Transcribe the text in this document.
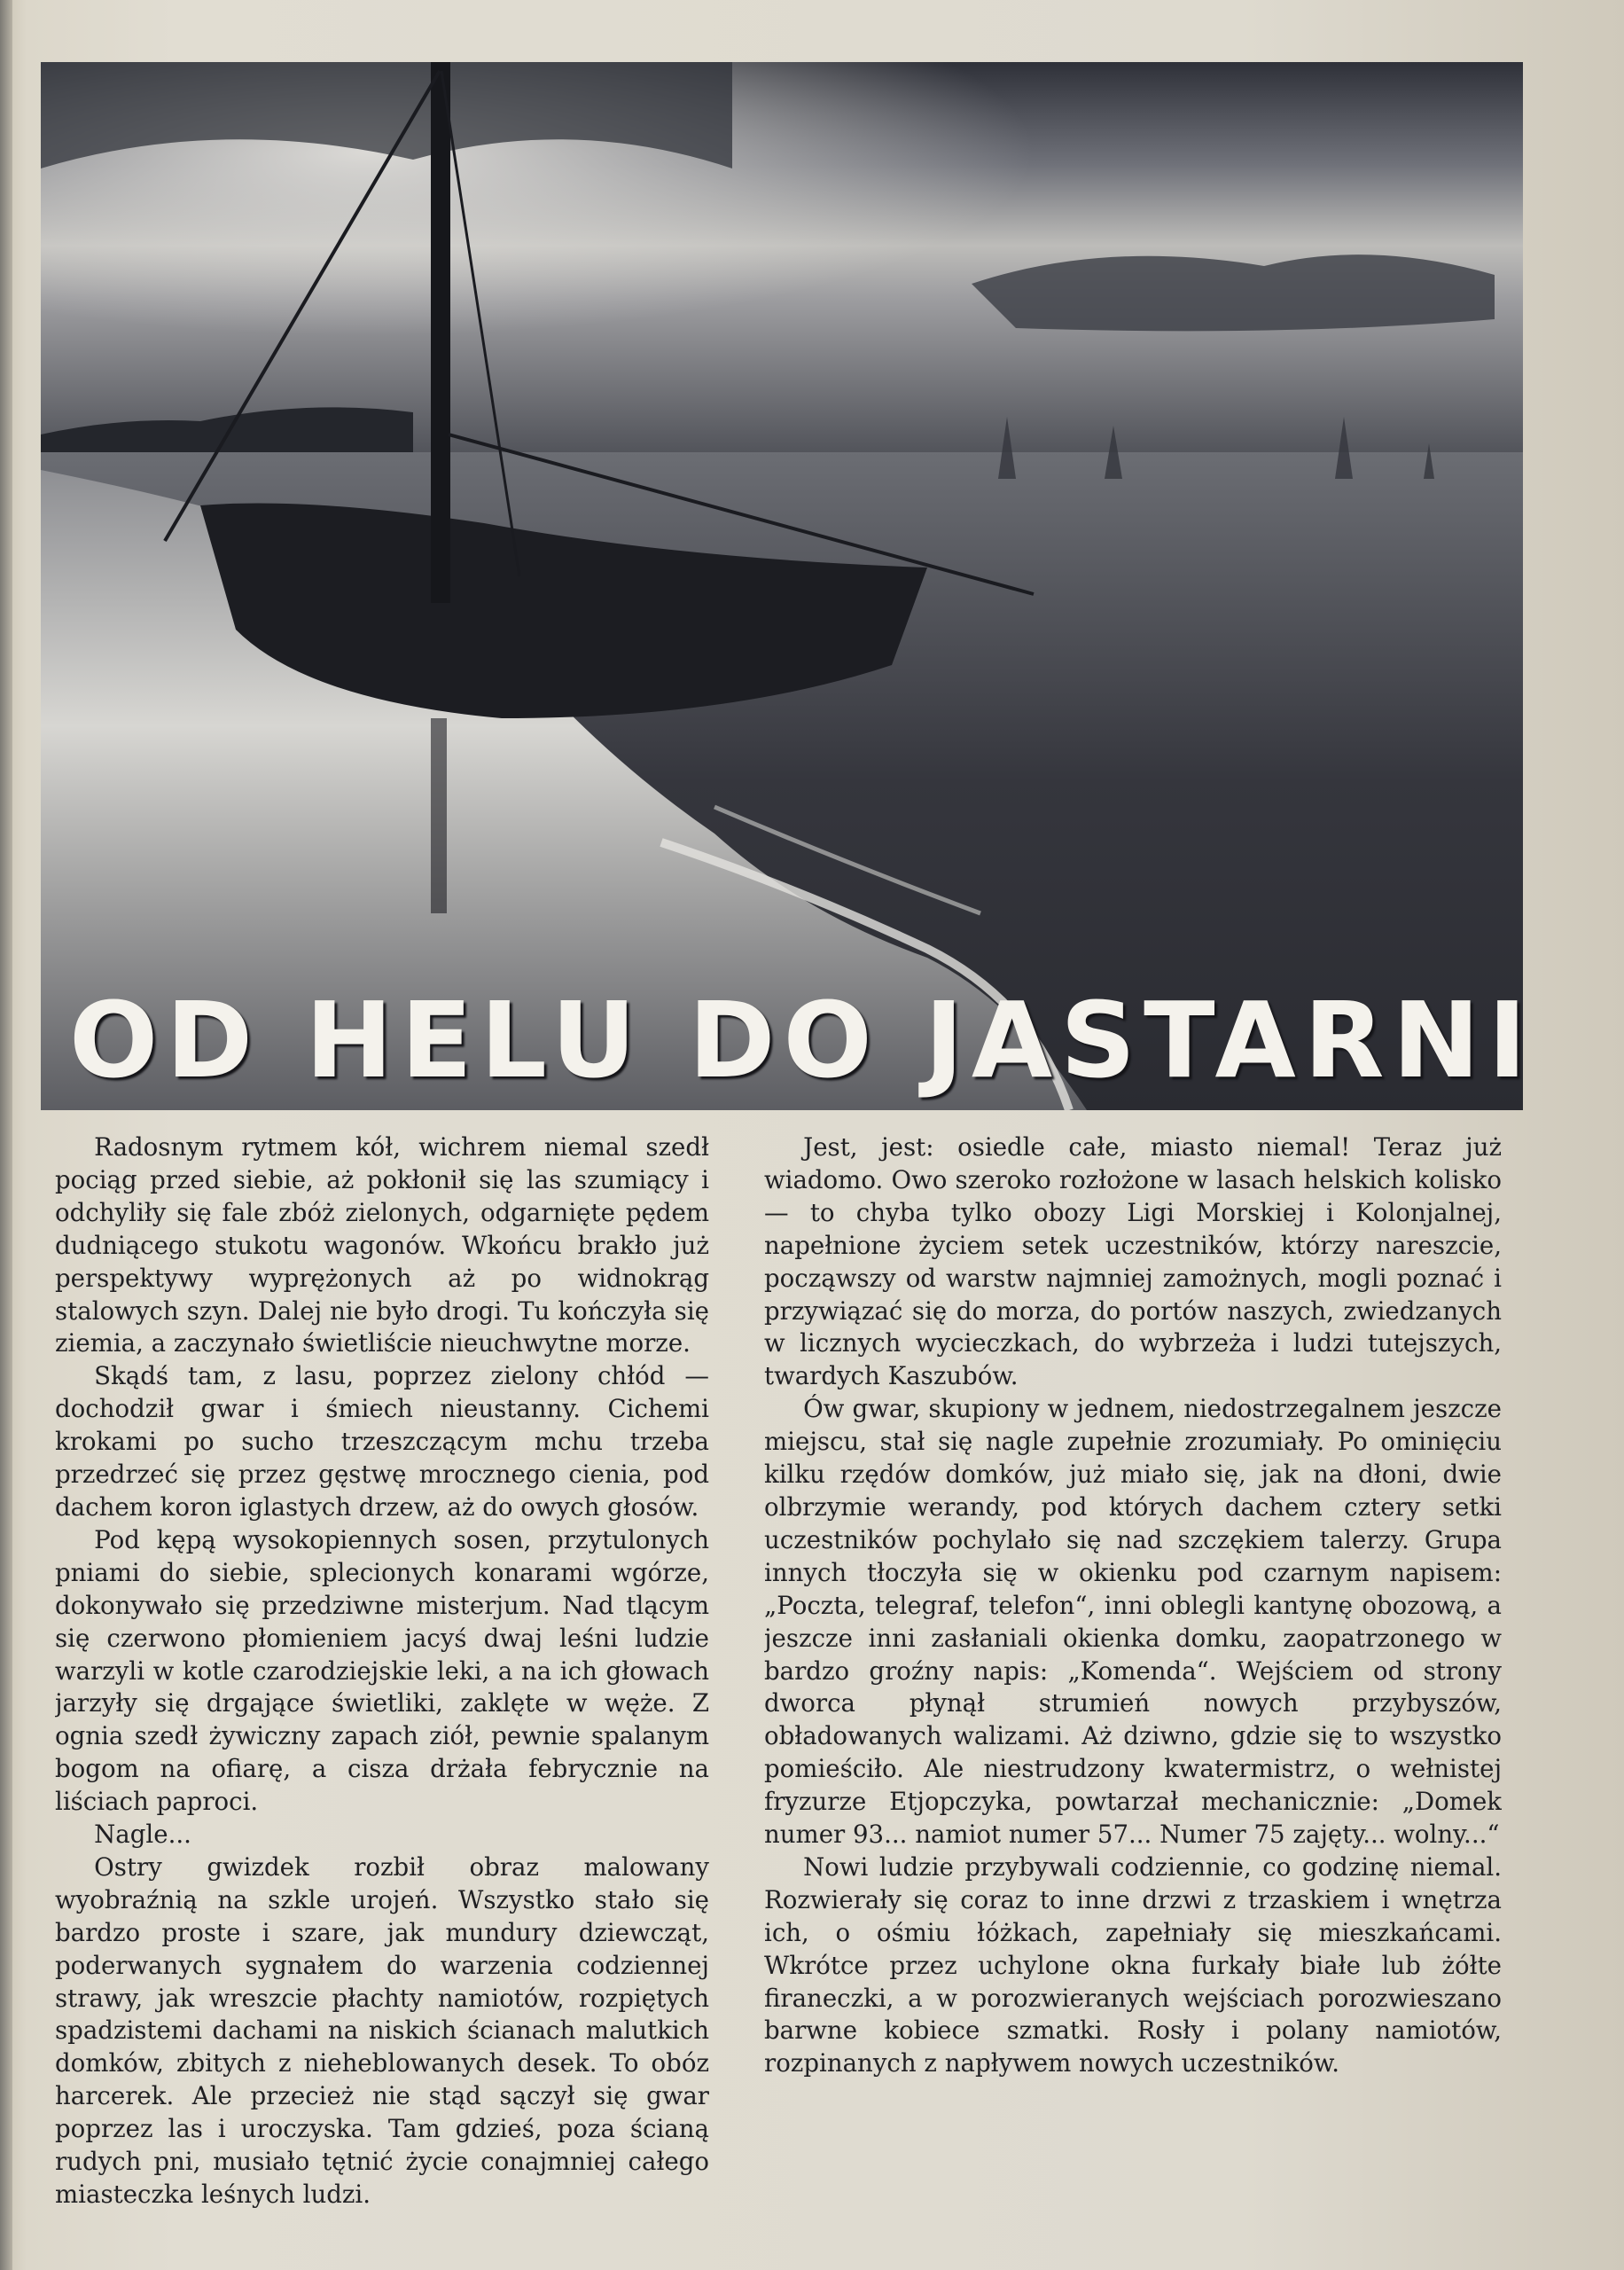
OD HELU DO JASTARNI

Radosnym rytmem kół, wichrem niemal szedł pociąg przed siebie, aż pokłonił się las szumiący i odchyliły się fale zbóż zielonych, odgarnięte pędem dudniącego stukotu wagonów. Wkońcu brakło już perspektywy wyprężonych aż po widnokrąg stalowych szyn. Dalej nie było drogi. Tu kończyła się ziemia, a zaczynało świetliście nieuchwytne morze.

Skądś tam, z lasu, poprzez zielony chłód — dochodził gwar i śmiech nieustanny. Cichemi krokami po sucho trzeszczącym mchu trzeba przedrzeć się przez gęstwę mrocznego cienia, pod dachem koron iglastych drzew, aż do owych głosów.

Pod kępą wysokopiennych sosen, przytulonych pniami do siebie, splecionych konarami wgórze, dokonywało się przedziwne misterjum. Nad tlącym się czerwono płomieniem jacyś dwaj leśni ludzie warzyli w kotle czarodziejskie leki, a na ich głowach jarzyły się drgające świetliki, zaklęte w węże. Z ognia szedł żywiczny zapach ziół, pewnie spalanym bogom na ofiarę, a cisza drżała febrycznie na liściach paproci.

Nagle...

Ostry gwizdek rozbił obraz malowany wyobraźnią na szkle urojeń. Wszystko stało się bardzo proste i szare, jak mundury dziewcząt, poderwanych sygnałem do warzenia codziennej strawy, jak wreszcie płachty namiotów, rozpiętych spadzistemi dachami na niskich ścianach malutkich domków, zbitych z nieheblowanych desek. To obóz harcerek. Ale przecież nie stąd sączył się gwar poprzez las i uroczyska. Tam gdzieś, poza ścianą rudych pni, musiało tętnić życie conajmniej całego miasteczka leśnych ludzi.

Jest, jest: osiedle całe, miasto niemal! Teraz już wiadomo. Owo szeroko rozłożone w lasach helskich kolisko — to chyba tylko obozy Ligi Morskiej i Kolonjalnej, napełnione życiem setek uczestników, którzy nareszcie, począwszy od warstw najmniej zamożnych, mogli poznać i przywiązać się do morza, do portów naszych, zwiedzanych w licznych wycieczkach, do wybrzeża i ludzi tutejszych, twardych Kaszubów.

Ów gwar, skupiony w jednem, niedostrzegalnem jeszcze miejscu, stał się nagle zupełnie zrozumiały. Po ominięciu kilku rzędów domków, już miało się, jak na dłoni, dwie olbrzymie werandy, pod których dachem cztery setki uczestników pochylało się nad szczękiem talerzy. Grupa innych tłoczyła się w okienku pod czarnym napisem: „Poczta, telegraf, telefon“, inni oblegli kantynę obozową, a jeszcze inni zasłaniali okienka domku, zaopatrzonego w bardzo groźny napis: „Komenda“. Wejściem od strony dworca płynął strumień nowych przybyszów, obładowanych walizami. Aż dziwno, gdzie się to wszystko pomieściło. Ale niestrudzony kwatermistrz, o wełnistej fryzurze Etjopczyka, powtarzał mechanicznie: „Domek numer 93... namiot numer 57... Numer 75 zajęty... wolny...“

Nowi ludzie przybywali codziennie, co godzinę niemal. Rozwierały się coraz to inne drzwi z trzaskiem i wnętrza ich, o ośmiu łóżkach, zapełniały się mieszkańcami. Wkrótce przez uchylone okna furkały białe lub żółte firaneczki, a w porozwieranych wejściach porozwieszano barwne kobiece szmatki. Rosły i polany namiotów, rozpinanych z napływem nowych uczestników.
